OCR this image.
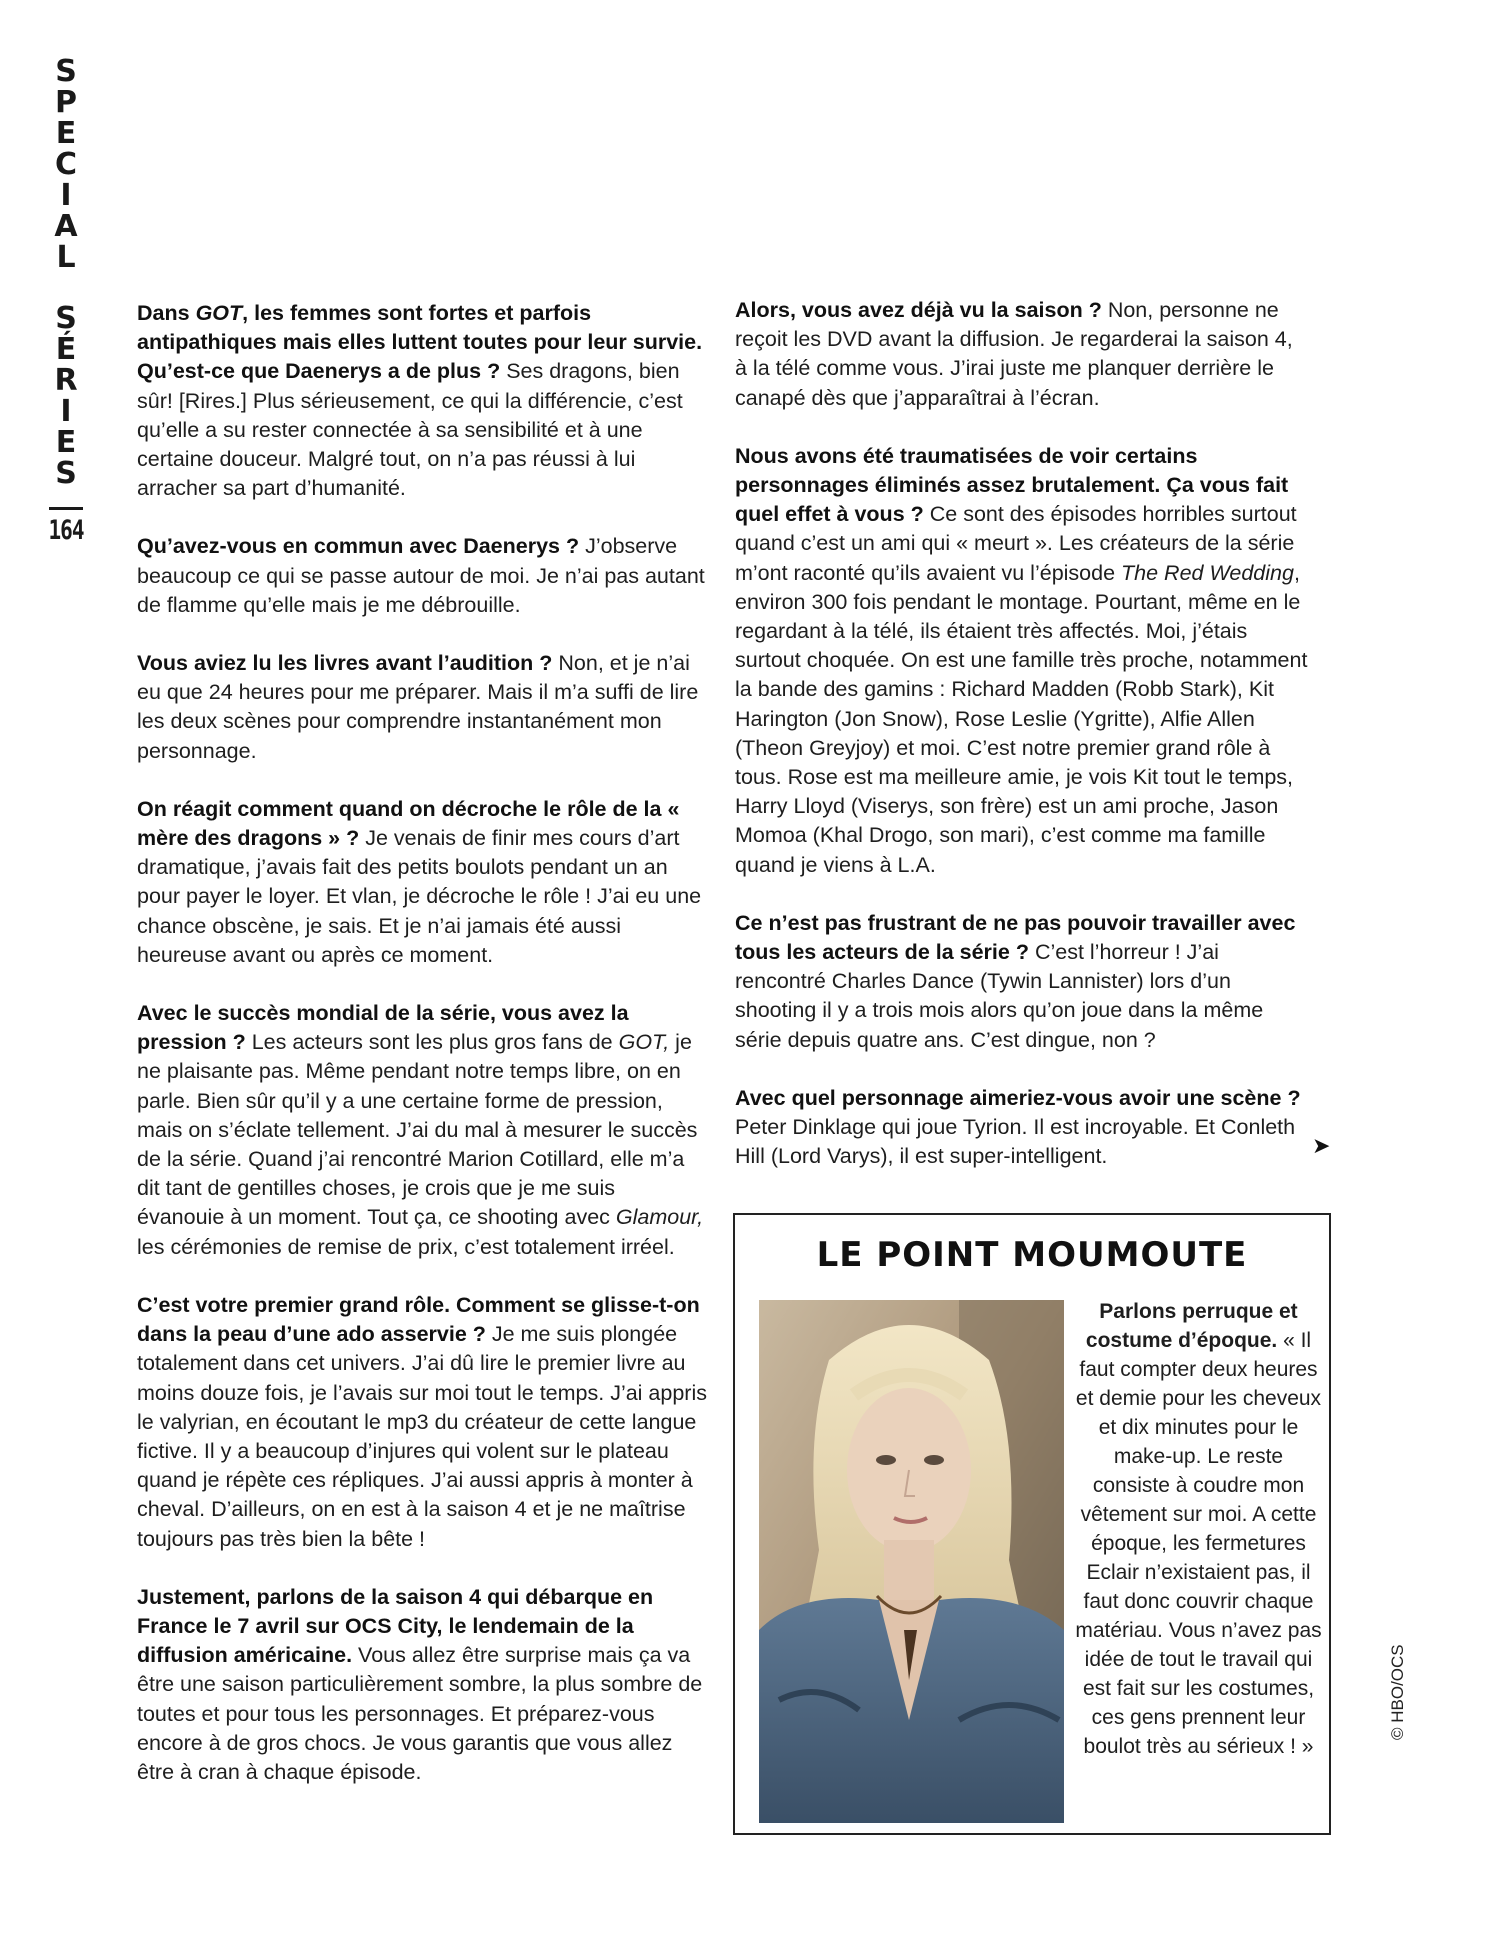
S
P
E
C
I
A
L
S
É
R
I
E
S
164

Dans GOT, les femmes sont fortes et parfois antipathiques mais elles luttent toutes pour leur survie. Qu’est-ce que Daenerys a de plus ? Ses dragons, bien sûr! [Rires.] Plus sérieusement, ce qui la différencie, c’est qu’elle a su rester connectée à sa sensibilité et à une certaine douceur. Malgré tout, on n’a pas réussi à lui arracher sa part d’humanité.

Qu’avez-vous en commun avec Daenerys ? J’observe beaucoup ce qui se passe autour de moi. Je n’ai pas autant de flamme qu’elle mais je me débrouille.

Vous aviez lu les livres avant l’audition ? Non, et je n’ai eu que 24 heures pour me préparer. Mais il m’a suffi de lire les deux scènes pour comprendre instantanément mon personnage.

On réagit comment quand on décroche le rôle de la « mère des dragons » ? Je venais de finir mes cours d’art dramatique, j’avais fait des petits boulots pendant un an pour payer le loyer. Et vlan, je décroche le rôle ! J’ai eu une chance obscène, je sais. Et je n’ai jamais été aussi heureuse avant ou après ce moment.

Avec le succès mondial de la série, vous avez la pression ? Les acteurs sont les plus gros fans de GOT, je ne plaisante pas. Même pendant notre temps libre, on en parle. Bien sûr qu’il y a une certaine forme de pression, mais on s’éclate tellement. J’ai du mal à mesurer le succès de la série. Quand j’ai rencontré Marion Cotillard, elle m’a dit tant de gentilles choses, je crois que je me suis évanouie à un moment. Tout ça, ce shooting avec Glamour, les cérémonies de remise de prix, c’est totalement irréel.

C’est votre premier grand rôle. Comment se glisse-t-on dans la peau d’une ado asservie ? Je me suis plongée totalement dans cet univers. J’ai dû lire le premier livre au moins douze fois, je l’avais sur moi tout le temps. J’ai appris le valyrian, en écoutant le mp3 du créateur de cette langue fictive. Il y a beaucoup d’injures qui volent sur le plateau quand je répète ces répliques. J’ai aussi appris à monter à cheval. D’ailleurs, on en est à la saison 4 et je ne maîtrise toujours pas très bien la bête !

Justement, parlons de la saison 4 qui débarque en France le 7 avril sur OCS City, le lendemain de la diffusion américaine. Vous allez être surprise mais ça va être une saison particulièrement sombre, la plus sombre de toutes et pour tous les personnages. Et préparez-vous encore à de gros chocs. Je vous garantis que vous allez être à cran à chaque épisode.

Alors, vous avez déjà vu la saison ? Non, personne ne reçoit les DVD avant la diffusion. Je regarderai la saison 4, à la télé comme vous. J’irai juste me planquer derrière le canapé dès que j’apparaîtrai à l’écran.

Nous avons été traumatisées de voir certains personnages éliminés assez brutalement. Ça vous fait quel effet à vous ? Ce sont des épisodes horribles surtout quand c’est un ami qui « meurt ». Les créateurs de la série m’ont raconté qu’ils avaient vu l’épisode The Red Wedding, environ 300 fois pendant le montage. Pourtant, même en le regardant à la télé, ils étaient très affectés. Moi, j’étais surtout choquée. On est une famille très proche, notamment la bande des gamins : Richard Madden (Robb Stark), Kit Harington (Jon Snow), Rose Leslie (Ygritte), Alfie Allen (Theon Greyjoy) et moi. C’est notre premier grand rôle à tous. Rose est ma meilleure amie, je vois Kit tout le temps, Harry Lloyd (Viserys, son frère) est un ami proche, Jason Momoa (Khal Drogo, son mari), c’est comme ma famille quand je viens à L.A.

Ce n’est pas frustrant de ne pas pouvoir travailler avec tous les acteurs de la série ? C’est l’horreur ! J’ai rencontré Charles Dance (Tywin Lannister) lors d’un shooting il y a trois mois alors qu’on joue dans la même série depuis quatre ans. C’est dingue, non ?

Avec quel personnage aimeriez-vous avoir une scène ? Peter Dinklage qui joue Tyrion. Il est incroyable. Et Conleth Hill (Lord Varys), il est super-intelligent.	➤
LE POINT MOUMOUTE
Parlons perruque et costume d’époque. « Il faut compter deux heures et demie pour les cheveux et dix minutes pour le make-up. Le reste consiste à coudre mon vêtement sur moi. A cette époque, les fermetures Eclair n’existaient pas, il faut donc couvrir chaque matériau. Vous n’avez pas idée de tout le travail qui est fait sur les costumes, ces gens prennent leur boulot très au sérieux ! »
© HBO/OCS
